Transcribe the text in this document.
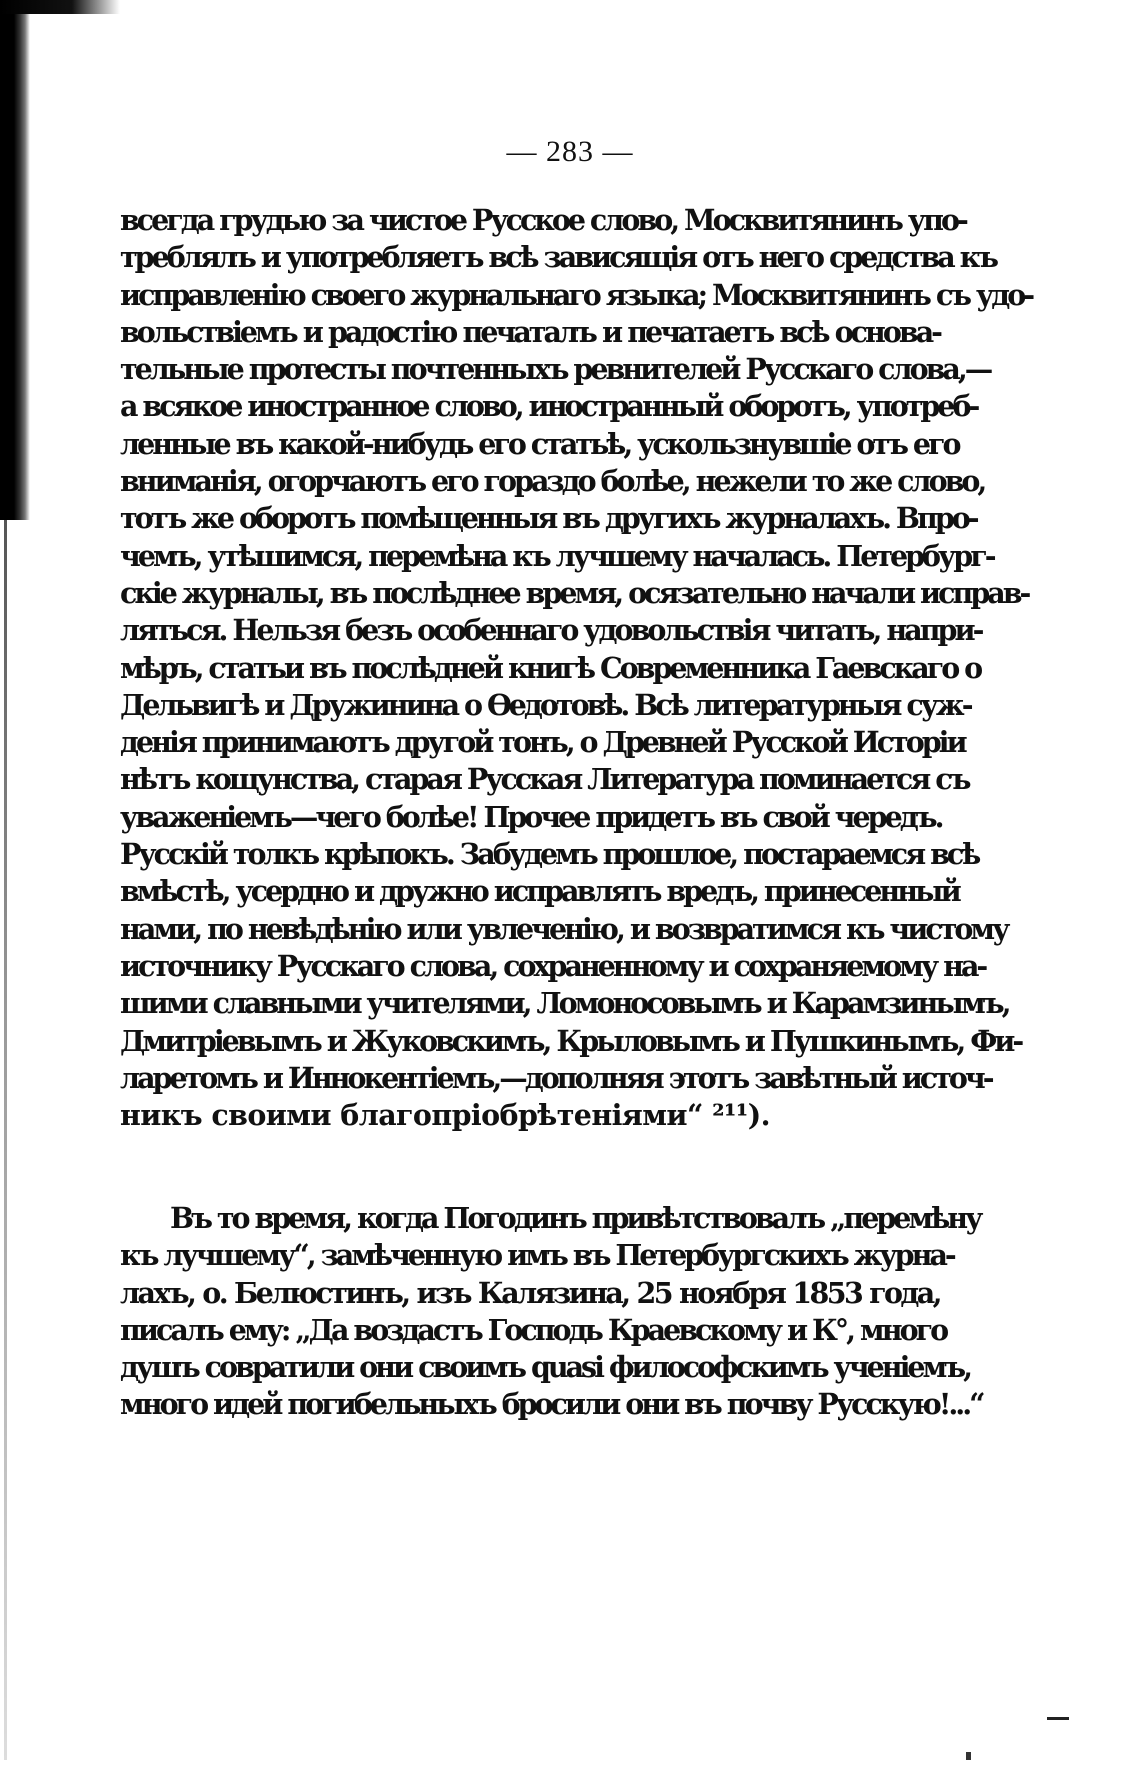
— 283 —
всегда грудью за чистое Русское слово, Москвитянинъ упо-
треблялъ и употребляетъ всѣ зависящія отъ него средства къ
исправленію своего журнальнаго языка; Москвитянинъ съ удо-
вольствіемъ и радостію печаталъ и печатаетъ всѣ основа-
тельные протесты почтенныхъ ревнителей Русскаго слова,—
а всякое иностранное слово, иностранный оборотъ, употреб-
ленные въ какой-нибудь его статьѣ, ускользнувшіе отъ его
вниманія, огорчаютъ его гораздо болѣе, нежели то же слово,
тотъ же оборотъ помѣщенныя въ другихъ журналахъ. Впро-
чемъ, утѣшимся, перемѣна къ лучшему началась. Петербург-
скіе журналы, въ послѣднее время, осязательно начали исправ-
ляться. Нельзя безъ особеннаго удовольствія читать, напри-
мѣръ, статьи въ послѣдней книгѣ Современника Гаевскаго о
Дельвигѣ и Дружинина о Ѳедотовѣ. Всѣ литературныя суж-
денія принимаютъ другой тонъ, о Древней Русской Исторіи
нѣтъ кощунства, старая Русская Литература поминается съ
уваженіемъ—чего болѣе! Прочее придетъ въ свой чередъ.
Русскій толкъ крѣпокъ. Забудемъ прошлое, постараемся всѣ
вмѣстѣ, усердно и дружно исправлять вредъ, принесенный
нами, по невѣдѣнію или увлеченію, и возвратимся къ чистому
источнику Русскаго слова, сохраненному и сохраняемому на-
шими славными учителями, Ломоносовымъ и Карамзинымъ,
Дмитріевымъ и Жуковскимъ, Крыловымъ и Пушкинымъ, Фи-
ларетомъ и Иннокентіемъ,—дополняя этотъ завѣтный источ-
никъ своими благопріобрѣтеніями“ ²¹¹).
Въ то время, когда Погодинъ привѣтствовалъ „перемѣну
къ лучшему“, замѣченную имъ въ Петербургскихъ журна-
лахъ, о. Белюстинъ, изъ Калязина, 25 ноября 1853 года,
писалъ ему: „Да воздастъ Господь Краевскому и К°, много
душъ совратили они своимъ quasi философскимъ ученіемъ,
много идей погибельныхъ бросили они въ почву Русскую!...“
